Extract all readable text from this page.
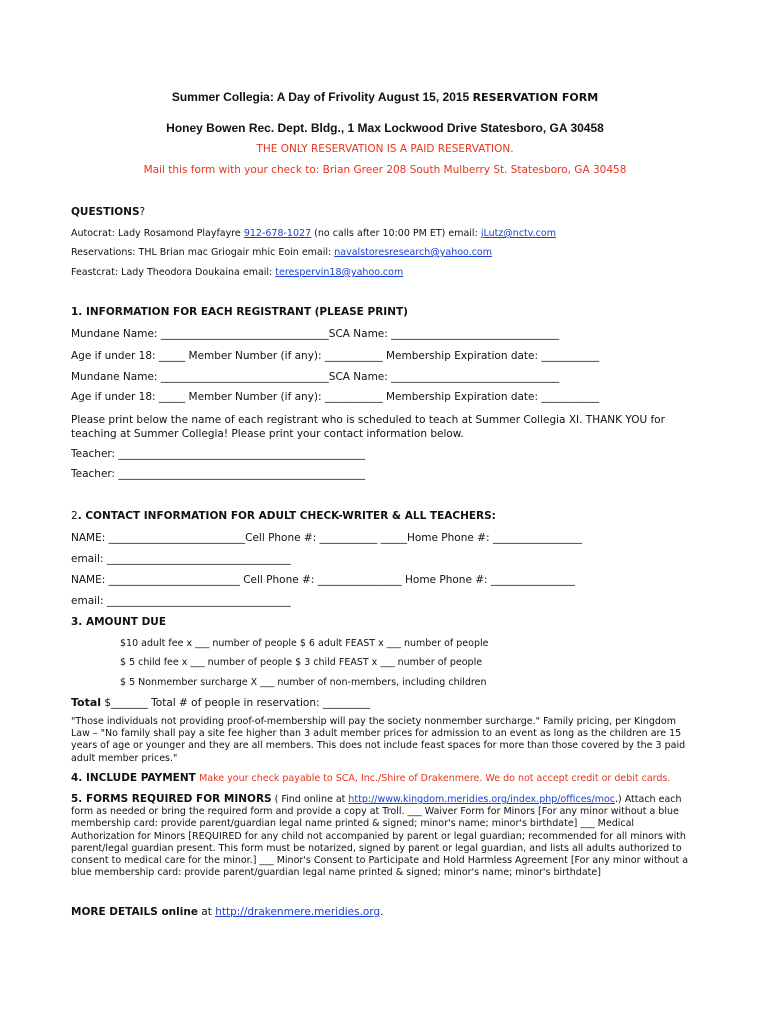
Summer Collegia: A Day of Frivolity August 15, 2015 RESERVATION FORM
Honey Bowen Rec. Dept. Bldg., 1 Max Lockwood Drive Statesboro, GA 30458
THE ONLY RESERVATION IS A PAID RESERVATION.
Mail this form with your check to: Brian Greer 208 South Mulberry St. Statesboro, GA 30458
QUESTIONS?
Autocrat: Lady Rosamond Playfayre 912-678-1027 (no calls after 10:00 PM ET) email: jLutz@nctv.com
Reservations: THL Brian mac Griogair mhic Eoin email: navalstoresresearch@yahoo.com
Feastcrat: Lady Theodora Doukaina email: terespervin18@yahoo.com
1. INFORMATION FOR EACH REGISTRANT (PLEASE PRINT)
Mundane Name: ________________________________SCA Name: ________________________________
Age if under 18: _____ Member Number (if any): ___________ Membership Expiration date: ___________
Mundane Name: ________________________________SCA Name: ________________________________
Age if under 18: _____ Member Number (if any): ___________ Membership Expiration date: ___________
Please print below the name of each registrant who is scheduled to teach at Summer Collegia XI. THANK YOU for teaching at Summer Collegia! Please print your contact information below.
Teacher: _______________________________________________
Teacher: _______________________________________________
2. CONTACT INFORMATION FOR ADULT CHECK-WRITER & ALL TEACHERS:
NAME: __________________________Cell Phone #: ___________ _____Home Phone #: _________________
email: ___________________________________
NAME: _________________________ Cell Phone #: ________________ Home Phone #: ________________
email: ___________________________________
3. AMOUNT DUE
$10 adult fee x ___ number of people $ 6 adult FEAST x ___ number of people
$ 5 child fee x ___ number of people $ 3 child FEAST x ___ number of people
$ 5 Nonmember surcharge X ___ number of non-members, including children
Total $_______ Total # of people in reservation: _________
"Those individuals not providing proof-of-membership will pay the society nonmember surcharge." Family pricing, per Kingdom Law – "No family shall pay a site fee higher than 3 adult member prices for admission to an event as long as the children are 15 years of age or younger and they are all members. This does not include feast spaces for more than those covered by the 3 paid adult member prices."
4. INCLUDE PAYMENT Make your check payable to SCA, Inc./Shire of Drakenmere. We do not accept credit or debit cards.
5. FORMS REQUIRED FOR MINORS ( Find online at http://www.kingdom.meridies.org/index.php/offices/moc.) Attach each form as needed or bring the required form and provide a copy at Troll. ___ Waiver Form for Minors [For any minor without a blue membership card: provide parent/guardian legal name printed & signed; minor's name; minor's birthdate] ___ Medical Authorization for Minors [REQUIRED for any child not accompanied by parent or legal guardian; recommended for all minors with parent/legal guardian present. This form must be notarized, signed by parent or legal guardian, and lists all adults authorized to consent to medical care for the minor.] ___ Minor's Consent to Participate and Hold Harmless Agreement [For any minor without a blue membership card: provide parent/guardian legal name printed & signed; minor's name; minor's birthdate]
MORE DETAILS online at http://drakenmere.meridies.org.
